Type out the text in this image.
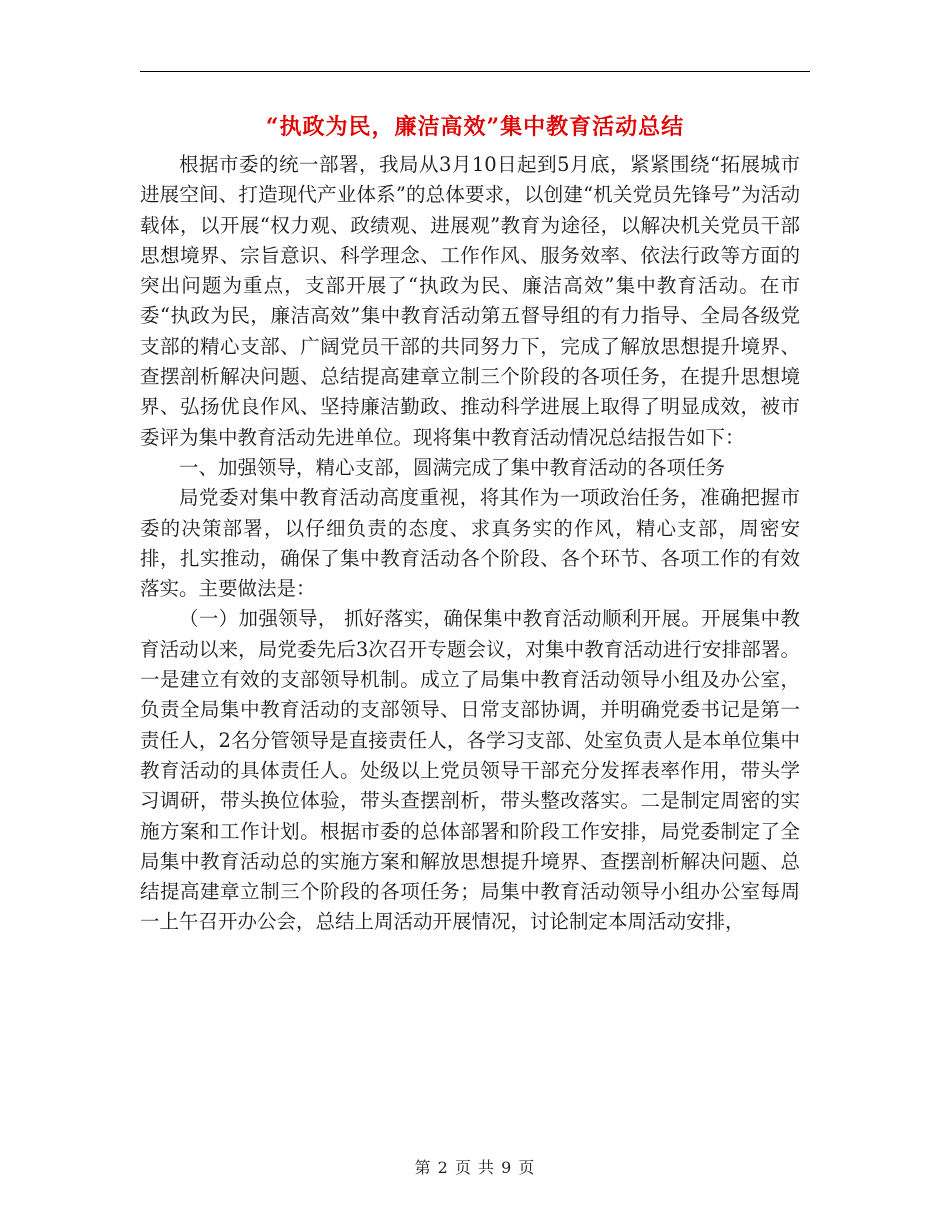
“执政为民，廉洁高效”集中教育活动总结

根据市委的统一部署，我局从3月10日起到5月底，紧紧围绕“拓展城市进展空间、打造现代产业体系”的总体要求，以创建“机关党员先锋号”为活动载体，以开展“权力观、政绩观、进展观”教育为途径，以解决机关党员干部思想境界、宗旨意识、科学理念、工作作风、服务效率、依法行政等方面的突出问题为重点，支部开展了“执政为民、廉洁高效”集中教育活动。在市委“执政为民，廉洁高效”集中教育活动第五督导组的有力指导、全局各级党支部的精心支部、广阔党员干部的共同努力下，完成了解放思想提升境界、查摆剖析解决问题、总结提高建章立制三个阶段的各项任务，在提升思想境界、弘扬优良作风、坚持廉洁勤政、推动科学进展上取得了明显成效，被市委评为集中教育活动先进单位。现将集中教育活动情况总结报告如下：

一、加强领导，精心支部，圆满完成了集中教育活动的各项任务

局党委对集中教育活动高度重视，将其作为一项政治任务，准确把握市委的决策部署，以仔细负责的态度、求真务实的作风，精心支部，周密安排，扎实推动，确保了集中教育活动各个阶段、各个环节、各项工作的有效落实。主要做法是：

（一）加强领导， 抓好落实，确保集中教育活动顺利开展。开展集中教育活动以来，局党委先后3次召开专题会议，对集中教育活动进行安排部署。一是建立有效的支部领导机制。成立了局集中教育活动领导小组及办公室，负责全局集中教育活动的支部领导、日常支部协调，并明确党委书记是第一责任人，2名分管领导是直接责任人，各学习支部、处室负责人是本单位集中教育活动的具体责任人。处级以上党员领导干部充分发挥表率作用，带头学习调研，带头换位体验，带头查摆剖析，带头整改落实。二是制定周密的实施方案和工作计划。根据市委的总体部署和阶段工作安排，局党委制定了全局集中教育活动总的实施方案和解放思想提升境界、查摆剖析解决问题、总结提高建章立制三个阶段的各项任务；局集中教育活动领导小组办公室每周一上午召开办公会，总结上周活动开展情况，讨论制定本周活动安排，

第 2 页 共 9 页
